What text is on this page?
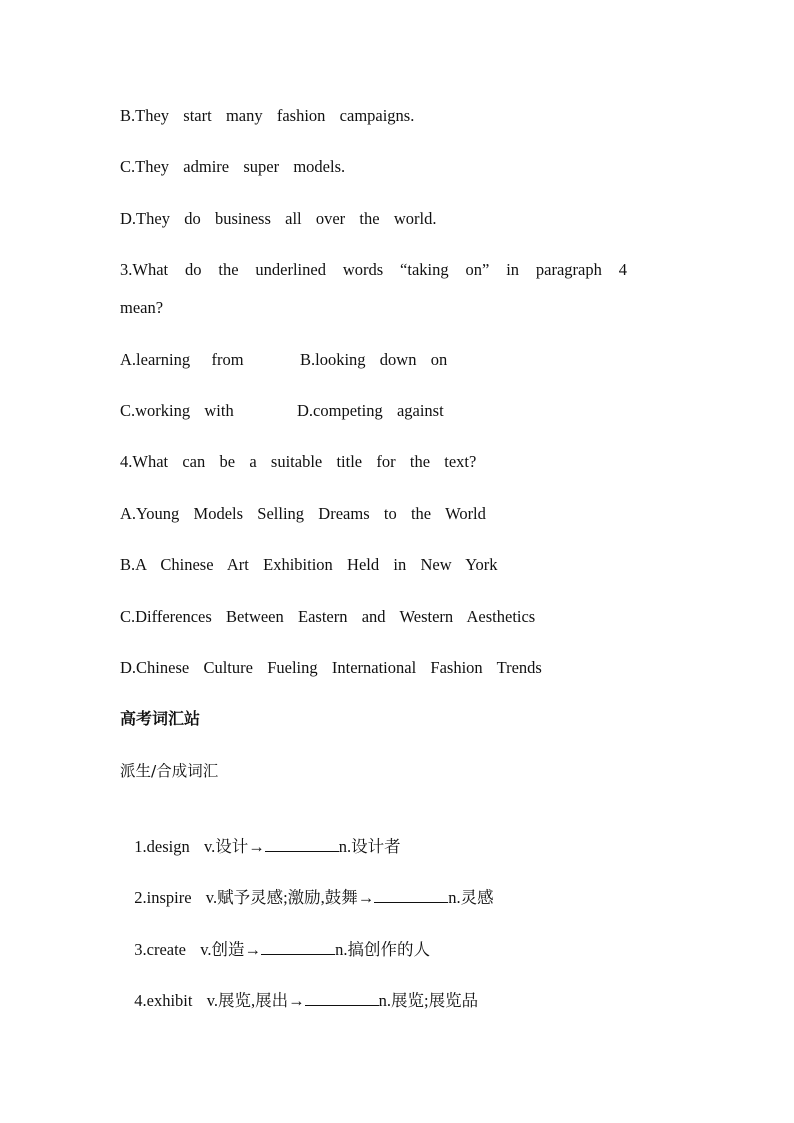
B.They  start  many  fashion  campaigns.
C.They  admire  super  models.
D.They  do  business  all  over  the  world.
3.What do the underlined words “taking on” in paragraph 4
mean?
A.learning   from	B.looking  down  on
C.working  with	D.competing  against
4.What  can  be  a  suitable  title  for  the  text?
A.Young  Models  Selling  Dreams  to  the  World
B.A  Chinese  Art  Exhibition  Held  in  New  York
C.Differences  Between  Eastern  and  Western  Aesthetics
D.Chinese  Culture  Fueling  International  Fashion  Trends
高考词汇站
派生/合成词汇

1.design  v.设计→	n.设计者

2.inspire  v.赋予灵感;激励,鼓舞→	n.灵感

3.create  v.创造→	n.搞创作的人

4.exhibit  v.展览,展出→	n.展览;展览品
